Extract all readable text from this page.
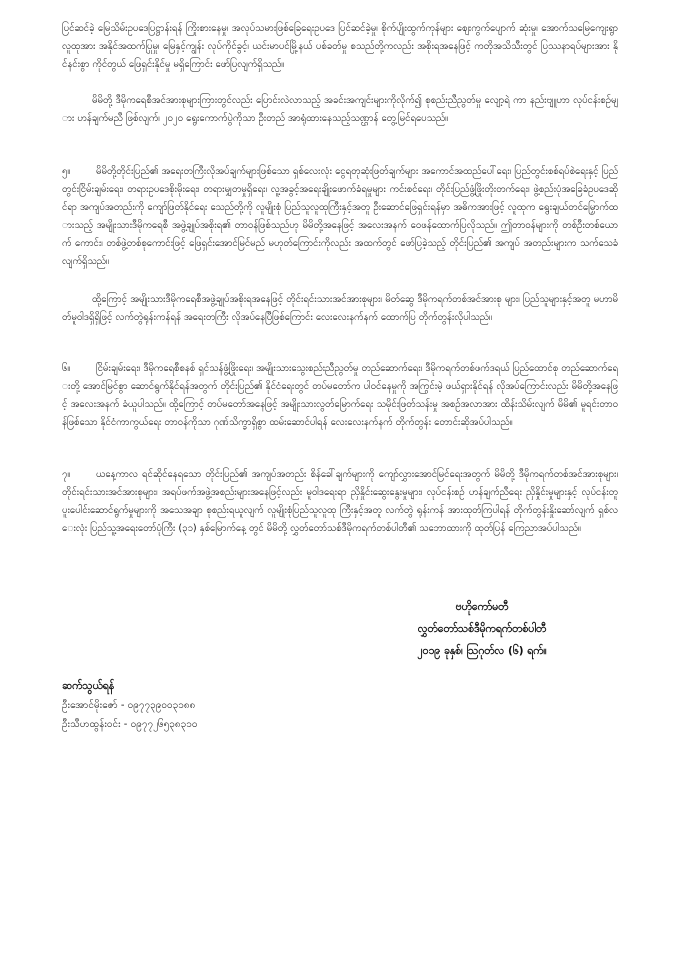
ပြင်ဆင်ခဲ့ မြေသိမ်းဥပဒေပြဋ္ဌာန်းရန် ကြိုးစားနေမှု၊ အလုပ်သမားဖြစ်ခြေရေးဥပဒေ ပြင်ဆင်ခဲ့မှု၊ စိုက်ပျိုးထွက်ကုန်များ ဈေးကွက်ပျောက် ဆုံးမှု၊ အောက်သမြေကျေးရွာလူထုအား အနိုင်အထက်ပြုမှု၊ မြေနှင့်ကျွန်း လုပ်ကိုင်ခွင့်၊ ယင်းမာပင်မြို့နယ် ပစ်ခတ်မှု စသည်တို့ကလည်း အစိုးရအနေဖြင့် ကတိုအသိသီးတွင် ပြဿနာရပ်များအား နိုင်နင်းစွာ ကိုင်တွယ် ဖြေရှင်းနိုင်မှု မရှိကြောင်း ဖော်ပြလျက်ရှိသည်။
မိမိတို့ ဒီမိုကရေစီအင်အားစုများကြားတွင်လည်း ပြောင်းလဲလာသည့် အခင်းအကျင်းများကိုလိုက်၍ စုစည်းညီညွတ်မှု လျော့ရဲ ကာ နည်းဗျူဟာ လုပ်ငန်းစဉ်များ ဟန်ချက်မညီ ဖြစ်လျက်၊ ၂၀၂၀ ရွေးကောက်ပွဲကိုသာ ဦးတည် အာရုံထားနေသည့်သဏ္ဌာန် တွေ့မြင်ရပေသည်။
၅။	မိမိတို့တိုင်းပြည်၏ အရေးတကြီးလိုအပ်ချက်များဖြစ်သော ရှစ်လေးလုံး ငွေရတုဆုံးဖြတ်ချက်များ အကောင်အထည်ပေါ်ရေး၊ ပြည်တွင်းစစ်ရပ်စဲရေးနှင့် ပြည်တွင်းငြိမ်းချမ်းရေး၊ တရားဥပဒေစိုးမိုးရေး၊ တရားမျှတမှုရှိရေး၊ လူ့အခွင့်အရေးချိုးဖောက်ခံရမှုများ ကင်းစင်ရေး၊ တိုင်းပြည်ဖွံ့ဖြိုးတိုးတက်ရေး၊ ဖွဲ့စည်းပုံအခြေခံဥပဒေဆိုင်ရာ အကျပ်အတည်းကို ကျော်ဖြတ်နိုင်ရေး သေည်တို့ကို လူမျိုးစုံ ပြည်သူလူထုကြီးနှင့်အတူ ဦးဆောင်ဖြေရှင်းရန်မှာ အဓိကအားဖြင့် လူထုက ရွေးချယ်တင်မြှောက်ထားသည့် အမျိုးသားဒီမိုကရေစီ အဖွဲ့ချုပ်အစိုးရ၏ တာဝန်ဖြစ်သည်ဟု မိမိတို့အနေဖြင့် အလေးအနက် ဝေဖန်ထောက်ပြလိုသည်။ ဤတာဝန်များကို တစ်ဦးတစ်ယောက် ကောင်း၊ တစ်ဖွဲ့တစ်စုကောင်းဖြင့် ဖြေရှင်းအောင်မြင်မည် မဟုတ်ကြောင်းကိုလည်း အထက်တွင် ဖော်ပြခဲ့သည့် တိုင်းပြည်၏ အကျပ် အတည်းများက သက်သေခံလျက်ရှိသည်။
ထို့ကြောင့် အမျိုးသားဒီမိုကရေစီအဖွဲ့ချုပ်အစိုးရအနေဖြင့် တိုင်းရင်းသားအင်အားစုများ၊ မိတ်ဆွေ ဒီမိုကရက်တစ်အင်အားစု များ၊ ပြည်သူများနှင့်အတူ မဟာမိတ်မူဝါဒရှိရှိဖြင့် လက်တွဲရုန်းကန်ရန် အရေးတကြီး လိုအပ်နေပြီဖြစ်ကြောင်း လေးလေးနက်နက် ထောက်ပြ တိုက်တွန်းလိုပါသည်။
၆။	ငြိမ်းချမ်းရေး၊ ဒီမိုကရေစီစနစ် ရှင်သန်ဖွံ့ဖြိုးရေး၊ အမျိုးသားသွေးစည်းညီညွတ်မှု တည်ဆောက်ရေး၊ ဒီမိုကရက်တစ်ဖက်ဒရယ် ပြည်ထောင်စု တည်ဆောက်ရေးတို့ အောင်မြင်စွာ ဆောင်ရွက်နိုင်ရန်အတွက် တိုင်းပြည်၏ နိုင်ငံရေးတွင် တပ်မတော်က ပါဝင်နေမှုကို အကြွင်းမဲ့ ဖယ်ရှားနိုင်ရန် လိုအပ်ကြောင်းလည်း မိမိတို့အနေဖြင့် အလေးအနက် ခံယူပါသည်။ ထို့ကြောင့် တပ်မတော်အနေဖြင့် အမျိုးသားလွတ်မြောက်ရေး သမိုင်းဖြတ်သန်းမှု အစဉ်အလာအား ထိန်းသိမ်းလျက် မိမိ၏ မူရင်းတာဝန်ဖြစ်သော နိုင်ငံကာကွယ်ရေး တာဝန်ကိုသာ ဂုဏ်သိက္ခာရှိစွာ ထမ်းဆောင်ပါရန် လေးလေးနက်နက် တိုက်တွန်း တောင်းဆိုအပ်ပါသည်။
၇။	ယနေ့ကာလ ရင်ဆိုင်နေရသော တိုင်းပြည်၏ အကျပ်အတည်း စိန်ခေါ်ချက်များကို ကျော်လွှားအောင်မြင်ရေးအတွက် မိမိတို့ ဒီမိုကရက်တစ်အင်အားစုများ၊ တိုင်းရင်းသားအင်အားစုများ၊ အရပ်ဖက်အဖွဲ့အစည်းများအနေဖြင့်လည်း မူဝါဒရေးရာ ညှိနှိုင်းဆွေးနွေးမှုများ၊ လုပ်ငန်းစဉ် ဟန်ချက်ညီရေး ညှိနှိုင်းမှုများနှင့် လုပ်ငန်းတူ ပူးပေါင်းဆောင်ရွက်မှုများကို အသေအချာ စုစည်းရယူလျက် လူမျိုးစုံပြည်သူလူထု ကြီးနှင့်အတူ လက်တွဲ ရုန်းကန် အားထုတ်ကြပါရန် တိုက်တွန်းနှိုးဆော်လျက် ရှစ်လေးလုံး ပြည်သူ့အရေးတော်ပုံကြီး (၃၁) နှစ်မြောက်နေ့ တွင် မိမိတို့ လွှတ်တော်သစ်ဒီမိုကရက်တစ်ပါတီ၏ သဘောထားကို ထုတ်ပြန် ကြေညာအပ်ပါသည်။
ဗဟိုကော်မတီ
လွှတ်တော်သစ်ဒီမိုကရက်တစ်ပါတီ
၂၀၁၉ ခုနှစ်၊ ဩဂုတ်လ (၆) ရက်။
ဆက်သွယ်ရန်
ဦးအောင်မိုးဇော် - ၀၉၇၇၃၉၀၀၃၁၈၈
ဦးသီဟထွန်းဝင်း - ၀၉၇၇၂၆၅၃၈၃၁၀
